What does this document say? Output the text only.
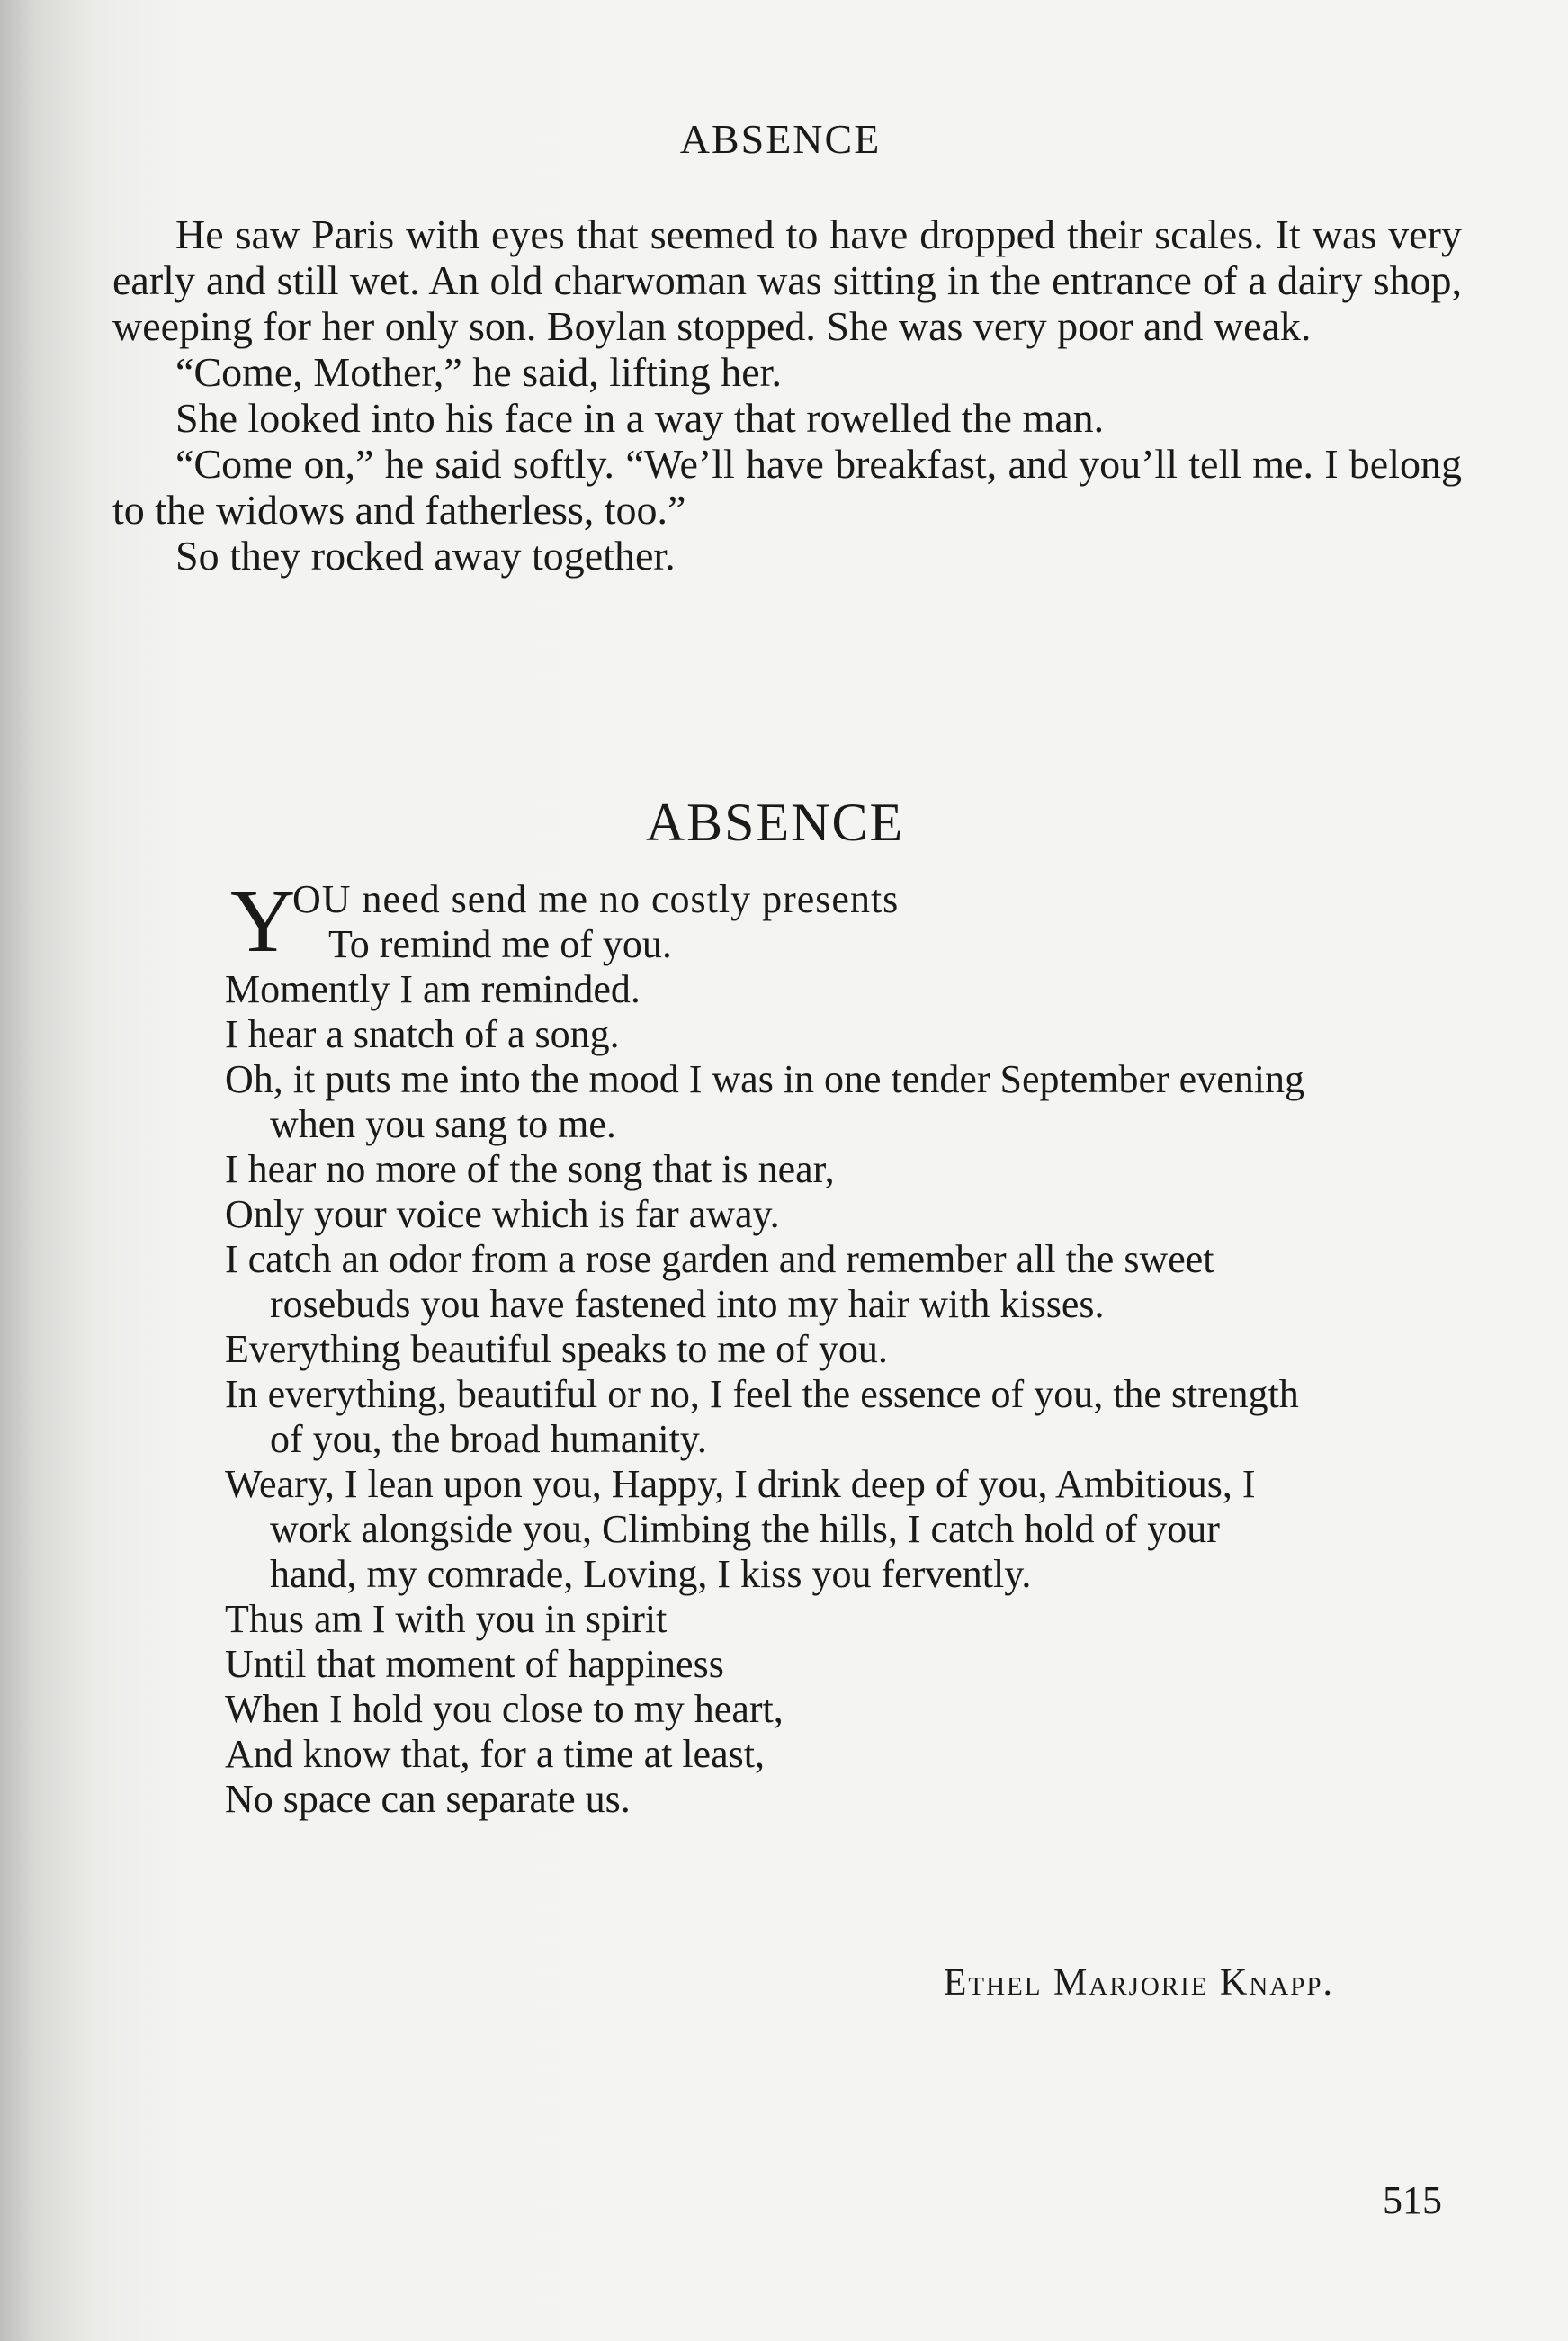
ABSENCE

He saw Paris with eyes that seemed to have dropped their scales. It was very early and still wet. An old charwoman was sitting in the entrance of a dairy shop, weeping for her only son. Boylan stopped. She was very poor and weak.

“Come, Mother,” he said, lifting her.

She looked into his face in a way that rowelled the man.

“Come on,” he said softly. “We’ll have breakfast, and you’ll tell me. I belong to the widows and fatherless, too.”

So they rocked away together.

ABSENCE

Y
OU need send me no costly presents

To remind me of you.

Momently I am reminded.

I hear a snatch of a song.

Oh, it puts me into the mood I was in one tender September evening when you sang to me.

I hear no more of the song that is near,

Only your voice which is far away.

I catch an odor from a rose garden and remember all the sweet rosebuds you have fastened into my hair with kisses.

Everything beautiful speaks to me of you.

In everything, beautiful or no, I feel the essence of you, the strength of you, the broad humanity.

Weary, I lean upon you, Happy, I drink deep of you, Ambitious, I work alongside you, Climbing the hills, I catch hold of your hand, my comrade, Loving, I kiss you fervently.

Thus am I with you in spirit

Until that moment of happiness

When I hold you close to my heart,

And know that, for a time at least,

No space can separate us.

Ethel Marjorie Knapp.
515
